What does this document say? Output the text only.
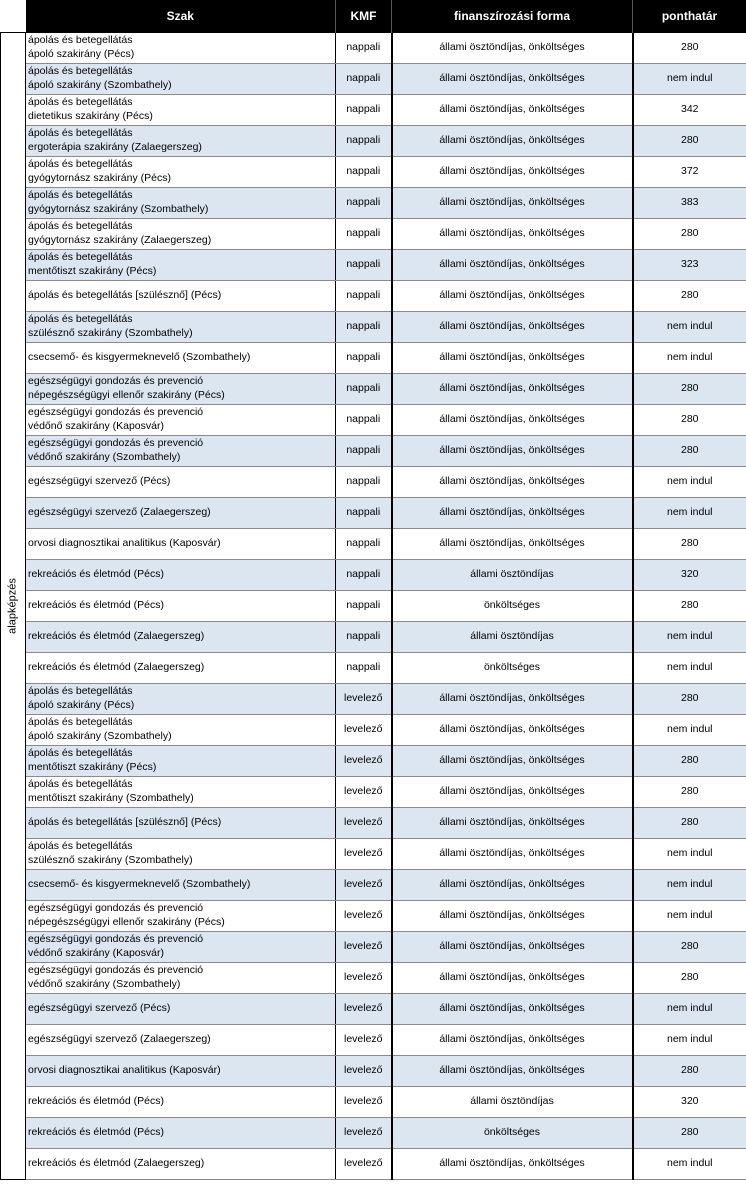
	Szak	KMF	finanszírozási forma	ponthatár

alapképzés	ápolás és betegellátás
ápoló szakirány (Pécs)	nappali	állami ösztöndíjas, önköltséges	280

	ápolás és betegellátás
ápoló szakirány (Szombathely)	nappali	állami ösztöndíjas, önköltséges	nem indul

	ápolás és betegellátás
dietetikus szakirány (Pécs)	nappali	állami ösztöndíjas, önköltséges	342

	ápolás és betegellátás
ergoterápia szakirány (Zalaegerszeg)	nappali	állami ösztöndíjas, önköltséges	280

	ápolás és betegellátás
gyógytornász szakirány (Pécs)	nappali	állami ösztöndíjas, önköltséges	372

	ápolás és betegellátás
gyógytornász szakirány (Szombathely)	nappali	állami ösztöndíjas, önköltséges	383

	ápolás és betegellátás
gyógytornász szakirány (Zalaegerszeg)	nappali	állami ösztöndíjas, önköltséges	280

	ápolás és betegellátás
mentőtiszt szakirány (Pécs)	nappali	állami ösztöndíjas, önköltséges	323

	ápolás és betegellátás [szülésznő] (Pécs)	nappali	állami ösztöndíjas, önköltséges	280

	ápolás és betegellátás
szülésznő szakirány (Szombathely)	nappali	állami ösztöndíjas, önköltséges	nem indul

	csecsemő- és kisgyermeknevelő (Szombathely)	nappali	állami ösztöndíjas, önköltséges	nem indul

	egészségügyi gondozás és prevenció
népegészségügyi ellenőr szakirány (Pécs)	nappali	állami ösztöndíjas, önköltséges	280

	egészségügyi gondozás és prevenció
védőnő szakirány (Kaposvár)	nappali	állami ösztöndíjas, önköltséges	280

	egészségügyi gondozás és prevenció
védőnő szakirány (Szombathely)	nappali	állami ösztöndíjas, önköltséges	280

	egészségügyi szervező (Pécs)	nappali	állami ösztöndíjas, önköltséges	nem indul

	egészségügyi szervező (Zalaegerszeg)	nappali	állami ösztöndíjas, önköltséges	nem indul

	orvosi diagnosztikai analitikus (Kaposvár)	nappali	állami ösztöndíjas, önköltséges	280

	rekreációs és életmód (Pécs)	nappali	állami ösztöndíjas	320

	rekreációs és életmód (Pécs)	nappali	önköltséges	280

	rekreációs és életmód (Zalaegerszeg)	nappali	állami ösztöndíjas	nem indul

	rekreációs és életmód (Zalaegerszeg)	nappali	önköltséges	nem indul

	ápolás és betegellátás
ápoló szakirány (Pécs)	levelező	állami ösztöndíjas, önköltséges	280

	ápolás és betegellátás
ápoló szakirány (Szombathely)	levelező	állami ösztöndíjas, önköltséges	nem indul

	ápolás és betegellátás
mentőtiszt szakirány (Pécs)	levelező	állami ösztöndíjas, önköltséges	280

	ápolás és betegellátás
mentőtiszt szakirány (Szombathely)	levelező	állami ösztöndíjas, önköltséges	280

	ápolás és betegellátás [szülésznő] (Pécs)	levelező	állami ösztöndíjas, önköltséges	280

	ápolás és betegellátás
szülésznő szakirány (Szombathely)	levelező	állami ösztöndíjas, önköltséges	nem indul

	csecsemő- és kisgyermeknevelő (Szombathely)	levelező	állami ösztöndíjas, önköltséges	nem indul

	egészségügyi gondozás és prevenció
népegészségügyi ellenőr szakirány (Pécs)	levelező	állami ösztöndíjas, önköltséges	nem indul

	egészségügyi gondozás és prevenció
védőnő szakirány (Kaposvár)	levelező	állami ösztöndíjas, önköltséges	280

	egészségügyi gondozás és prevenció
védőnő szakirány (Szombathely)	levelező	állami ösztöndíjas, önköltséges	280

	egészségügyi szervező (Pécs)	levelező	állami ösztöndíjas, önköltséges	nem indul

	egészségügyi szervező (Zalaegerszeg)	levelező	állami ösztöndíjas, önköltséges	nem indul

	orvosi diagnosztikai analitikus (Kaposvár)	levelező	állami ösztöndíjas, önköltséges	280

	rekreációs és életmód (Pécs)	levelező	állami ösztöndíjas	320

	rekreációs és életmód (Pécs)	levelező	önköltséges	280

	rekreációs és életmód (Zalaegerszeg)	levelező	állami ösztöndíjas, önköltséges	nem indul
